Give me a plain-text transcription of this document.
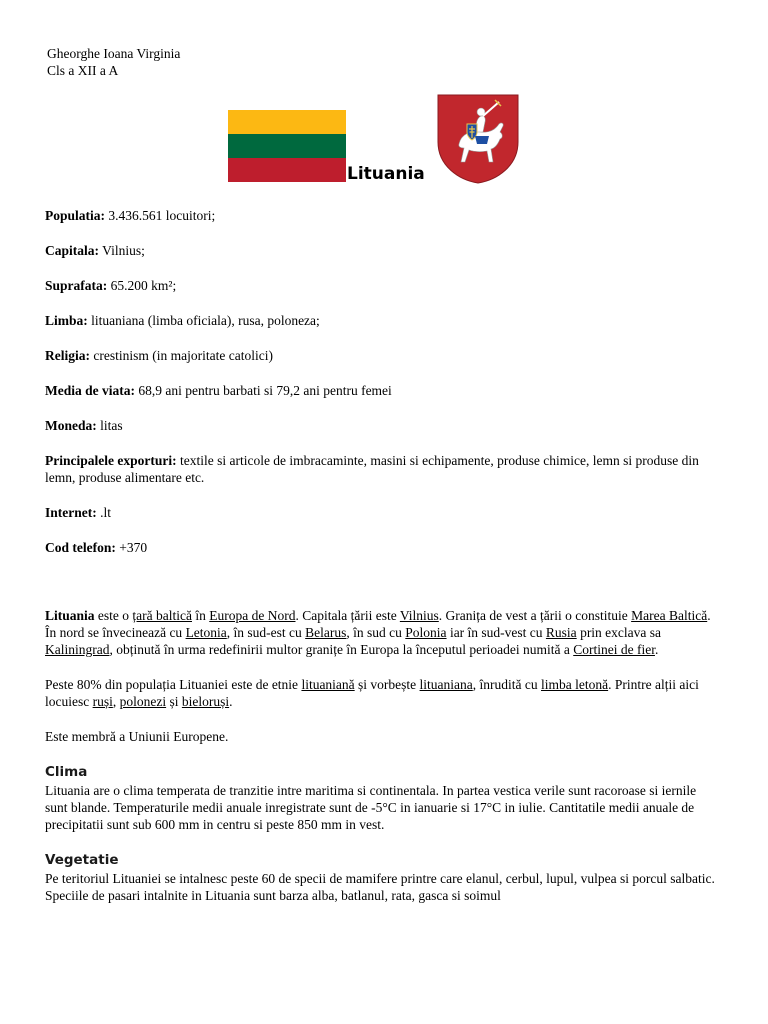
Gheorghe Ioana Virginia
Cls a XII a A
Lituania
Populatia: 3.436.561 locuitori;
Capitala: Vilnius;
Suprafata: 65.200 km²;
Limba: lituaniana (limba oficiala), rusa, poloneza;
Religia: crestinism (in majoritate catolici)
Media de viata: 68,9 ani pentru barbati si 79,2 ani pentru femei
Moneda: litas
Principalele exporturi: textile si articole de imbracaminte, masini si echipamente, produse chimice, lemn si produse din lemn, produse alimentare etc.
Internet: .lt
Cod telefon: +370
Lituania este o țară baltică în Europa de Nord. Capitala țării este Vilnius. Granița de vest a țării o constituie Marea Baltică. În nord se învecinează cu Letonia, în sud-est cu Belarus, în sud cu Polonia iar în sud-vest cu Rusia prin exclava sa Kaliningrad, obținută în urma redefinirii multor granițe în Europa la începutul perioadei numită a Cortinei de fier.
Peste 80% din populația Lituaniei este de etnie lituaniană și vorbește lituaniana, înrudită cu limba letonă. Printre alții aici locuiesc ruși, polonezi și bieloruși.
Este membră a Uniunii Europene.
Clima
Lituania are o clima temperata de tranzitie intre maritima si continentala. In partea vestica verile sunt racoroase si iernile sunt blande. Temperaturile medii anuale inregistrate sunt de -5°C in ianuarie si 17°C in iulie. Cantitatile medii anuale de precipitatii sunt sub 600 mm in centru si peste 850 mm in vest.
Vegetatie
Pe teritoriul Lituaniei se intalnesc peste 60 de specii de mamifere printre care elanul, cerbul, lupul, vulpea si porcul salbatic. Speciile de pasari intalnite in Lituania sunt barza alba, batlanul, rata, gasca si soimul
